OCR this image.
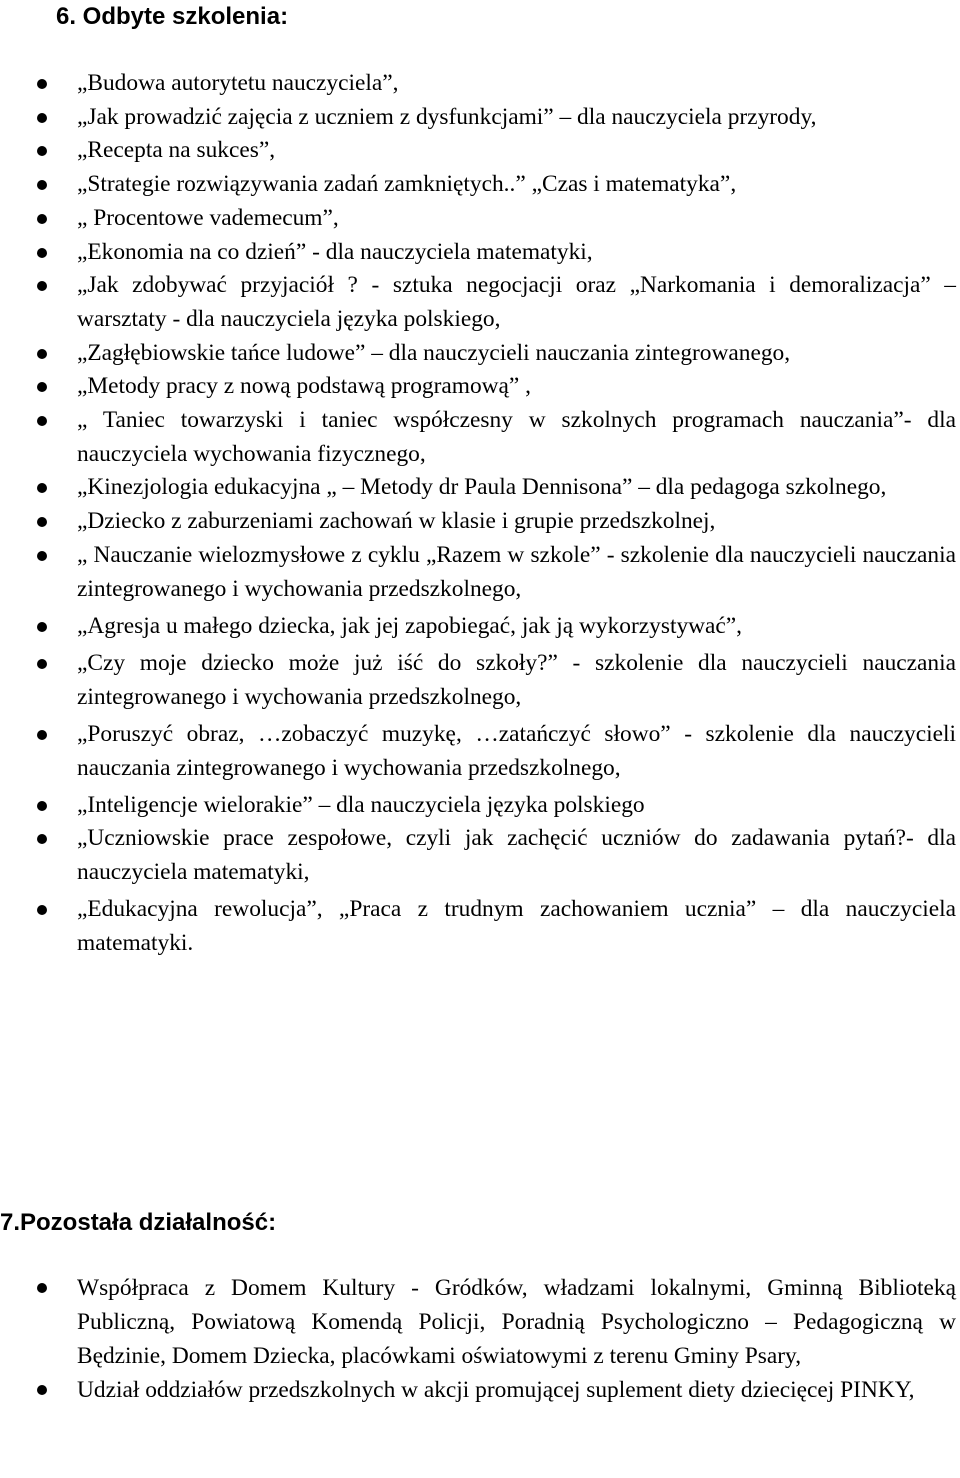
6. Odbyte szkolenia:
„Budowa autorytetu nauczyciela”,
„Jak prowadzić zajęcia z uczniem z dysfunkcjami” – dla nauczyciela przyrody,
„Recepta na sukces”,
„Strategie rozwiązywania zadań zamkniętych..” „Czas i matematyka”,
„ Procentowe vademecum”,
„Ekonomia na co dzień” - dla nauczyciela matematyki,
„Jak zdobywać przyjaciół ? - sztuka negocjacji oraz „Narkomania i demoralizacja” – warsztaty - dla nauczyciela języka polskiego,
„Zagłębiowskie tańce ludowe” – dla nauczycieli nauczania zintegrowanego,
„Metody pracy z nową podstawą programową” ,
„ Taniec towarzyski i taniec współczesny w szkolnych programach nauczania”- dla nauczyciela wychowania fizycznego,
„Kinezjologia edukacyjna „ – Metody dr Paula Dennisona” – dla pedagoga szkolnego,
„Dziecko z zaburzeniami zachowań w klasie i grupie przedszkolnej,
„ Nauczanie wielozmysłowe z cyklu „Razem w szkole” - szkolenie dla nauczycieli nauczania zintegrowanego i wychowania przedszkolnego,
„Agresja u małego dziecka, jak jej zapobiegać, jak ją wykorzystywać”,
„Czy moje dziecko może już iść do szkoły?” - szkolenie dla nauczycieli nauczania zintegrowanego i wychowania przedszkolnego,
„Poruszyć obraz, …zobaczyć muzykę, …zatańczyć słowo” - szkolenie dla nauczycieli nauczania zintegrowanego i wychowania przedszkolnego,
„Inteligencje wielorakie” – dla nauczyciela języka polskiego
„Uczniowskie prace zespołowe, czyli jak zachęcić uczniów do zadawania pytań?- dla nauczyciela matematyki,
„Edukacyjna rewolucja”, „Praca z trudnym zachowaniem ucznia” – dla nauczyciela matematyki.
7.Pozostała działalność:
Współpraca z Domem Kultury - Gródków, władzami lokalnymi, Gminną Biblioteką Publiczną, Powiatową Komendą Policji, Poradnią Psychologiczno – Pedagogiczną w Będzinie, Domem Dziecka, placówkami oświatowymi z terenu Gminy Psary,
Udział oddziałów przedszkolnych w akcji promującej suplement diety dziecięcej PINKY,
